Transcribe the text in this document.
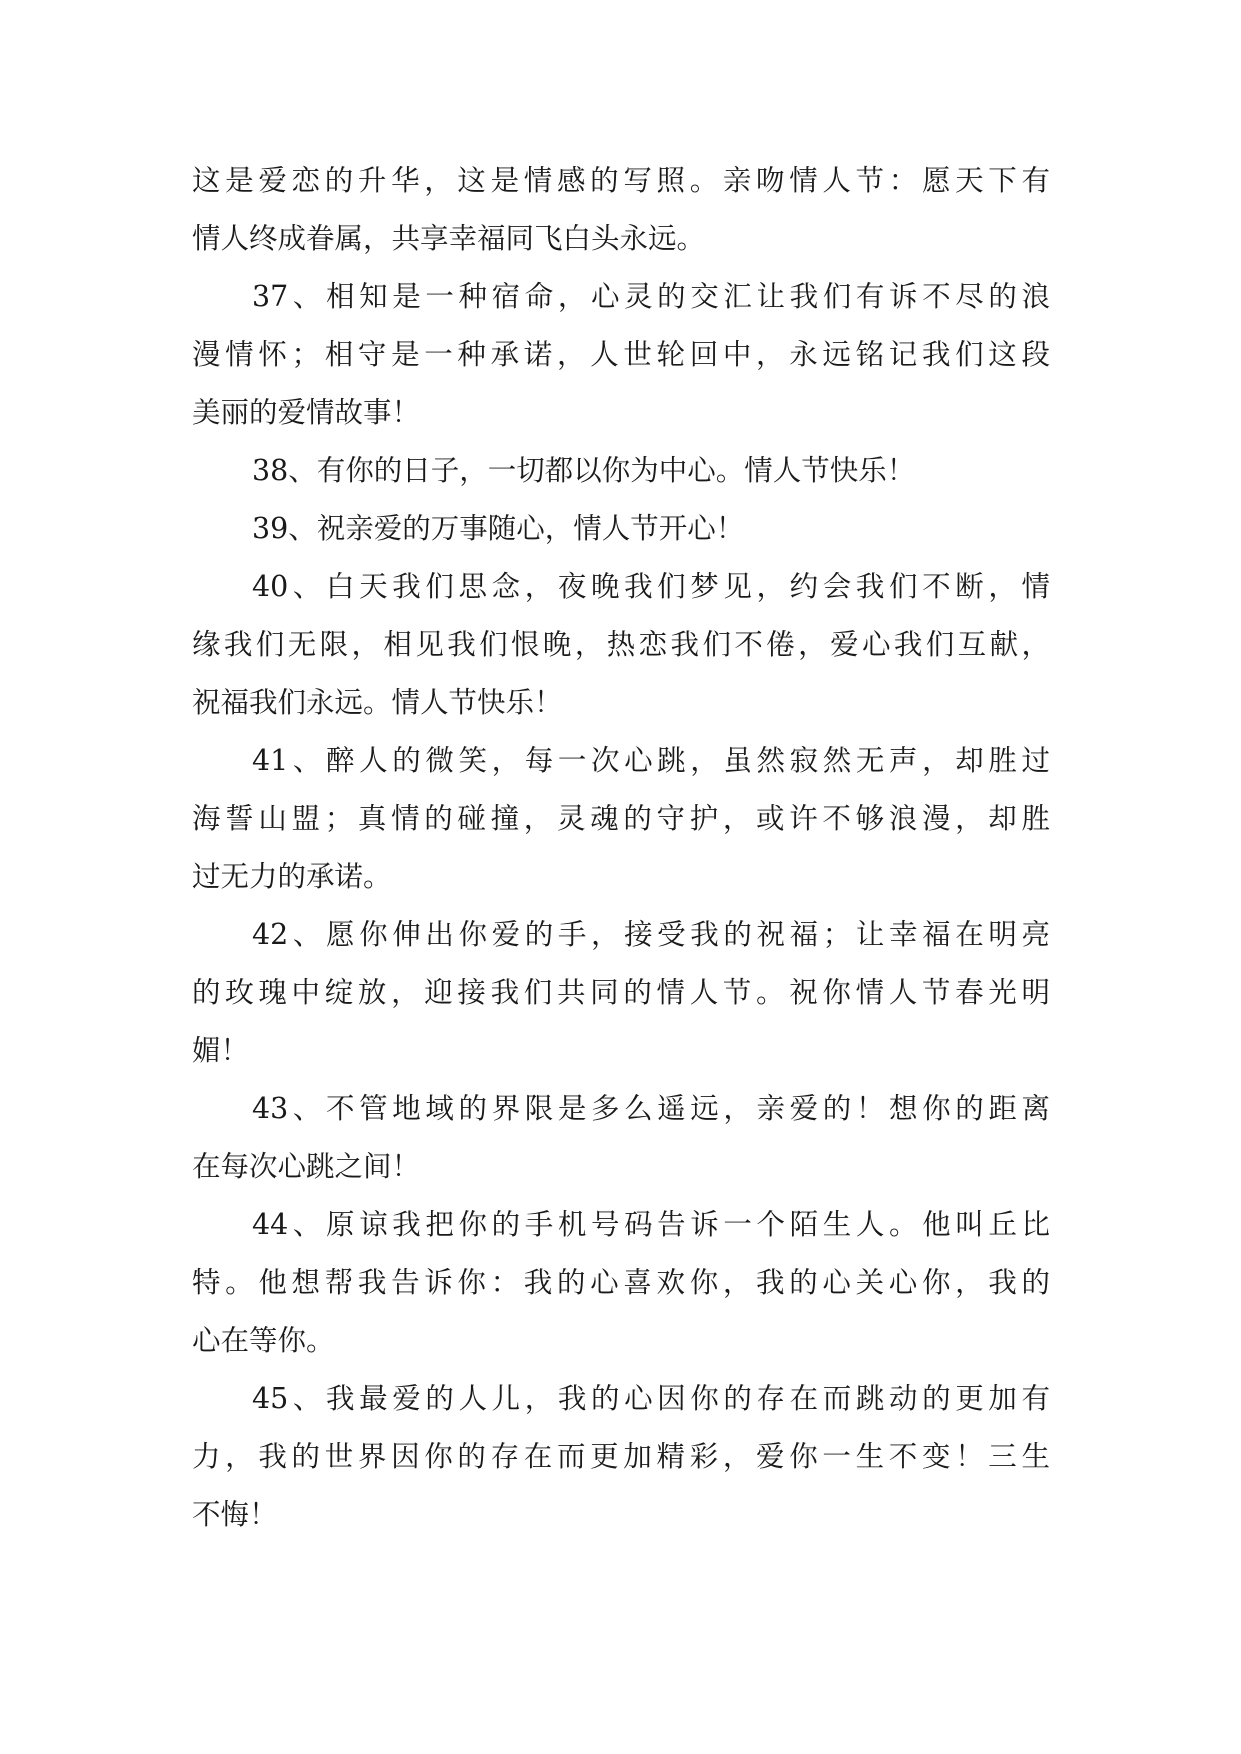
这是爱恋的升华，这是情感的写照。亲吻情人节：愿天下有
情人终成眷属，共享幸福同飞白头永远。
37、相知是一种宿命，心灵的交汇让我们有诉不尽的浪
漫情怀；相守是一种承诺，人世轮回中，永远铭记我们这段
美丽的爱情故事！
38、有你的日子，一切都以你为中心。情人节快乐！
39、祝亲爱的万事随心，情人节开心！
40、白天我们思念，夜晚我们梦见，约会我们不断，情
缘我们无限，相见我们恨晚，热恋我们不倦，爱心我们互献，
祝福我们永远。情人节快乐！
41、醉人的微笑，每一次心跳，虽然寂然无声，却胜过
海誓山盟；真情的碰撞，灵魂的守护，或许不够浪漫，却胜
过无力的承诺。
42、愿你伸出你爱的手，接受我的祝福；让幸福在明亮
的玫瑰中绽放，迎接我们共同的情人节。祝你情人节春光明
媚！
43、不管地域的界限是多么遥远，亲爱的！想你的距离
在每次心跳之间！
44、原谅我把你的手机号码告诉一个陌生人。他叫丘比
特。他想帮我告诉你：我的心喜欢你，我的心关心你，我的
心在等你。
45、我最爱的人儿，我的心因你的存在而跳动的更加有
力，我的世界因你的存在而更加精彩，爱你一生不变！三生
不悔！
